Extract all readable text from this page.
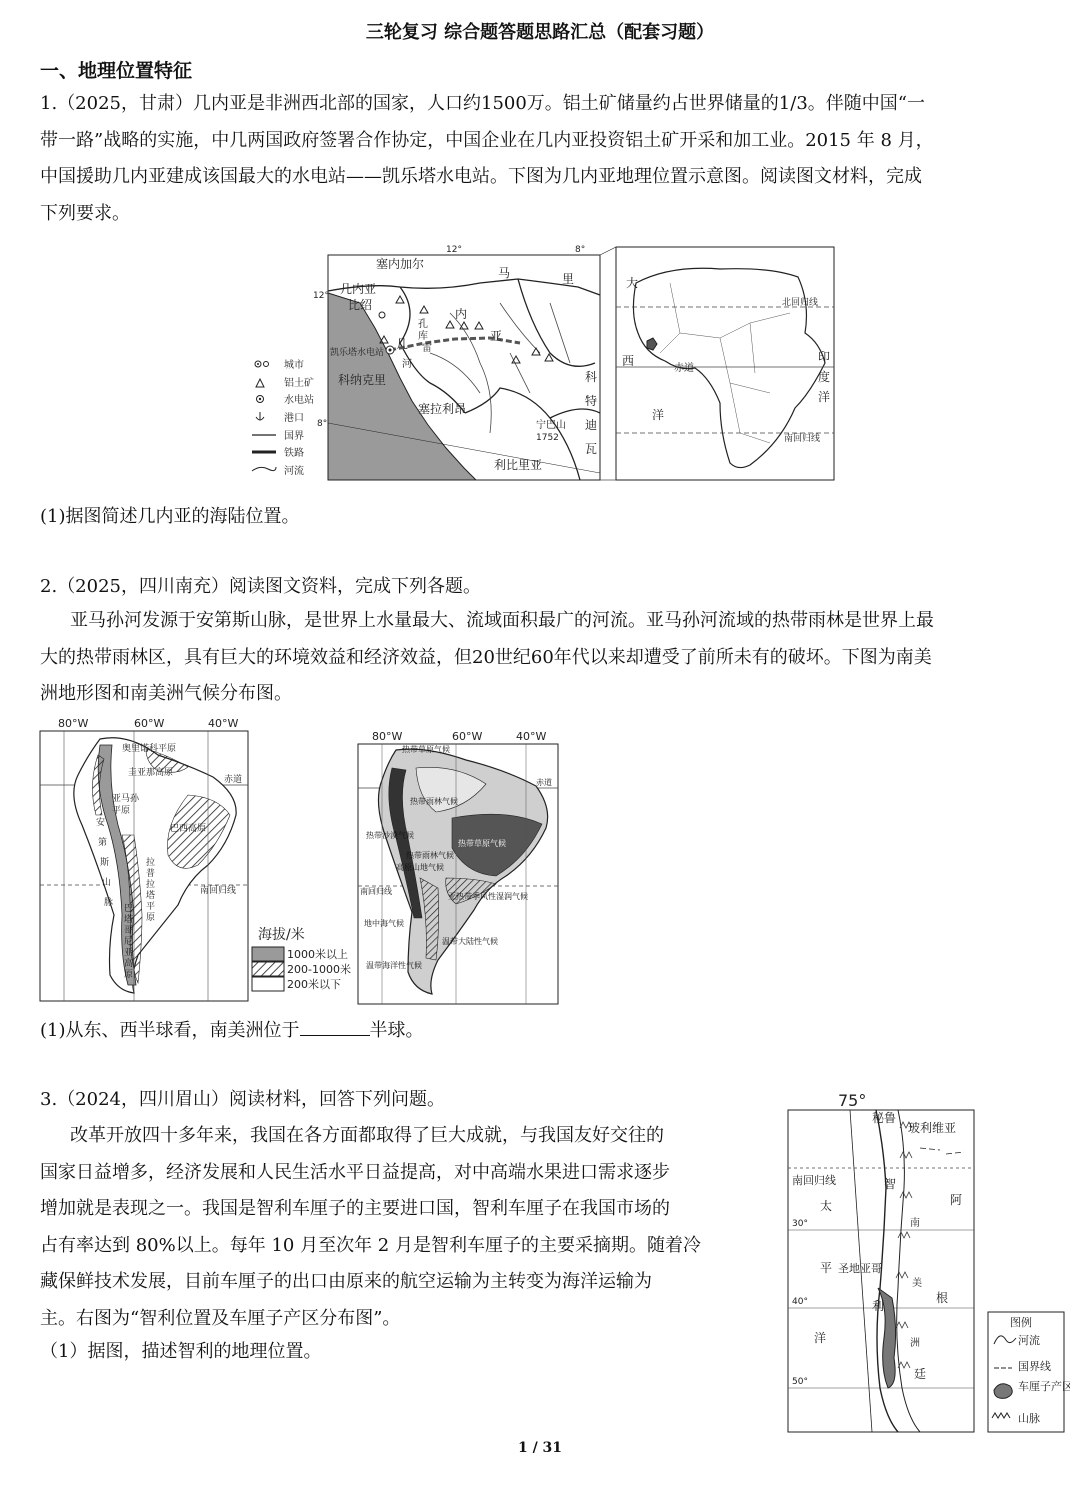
三轮复习 综合题答题思路汇总（配套习题）
一、地理位置特征
1.（2025，甘肃）几内亚是非洲西北部的国家，人口约1500万。铝土矿储量约占世界储量的1/3。伴随中国“一
带一路”战略的实施，中几两国政府签署合作协定，中国企业在几内亚投资铝土矿开采和加工业。2015 年 8 月，
中国援助几内亚建成该国最大的水电站——凯乐塔水电站。下图为几内亚地理位置示意图。阅读图文材料，完成
下列要求。
城市
铝土矿
水电站
港口
国界
铁路
河流
12°	8°
12°
8°
塞内加尔
马	里
几内亚
比绍
孔
库
内
亚
几 雷
河
凯乐塔水电站
科纳克里
塞拉利昂
宁巴山
1752
科
特
迪
瓦
利比里亚
大
北回归线
西
赤道
洋
印
度
洋
南回归线
(1)据图简述几内亚的海陆位置。
2.（2025，四川南充）阅读图文资料，完成下列各题。
亚马孙河发源于安第斯山脉，是世界上水量最大、流域面积最广的河流。亚马孙河流域的热带雨林是世界上最
大的热带雨林区，具有巨大的环境效益和经济效益，但20世纪60年代以来却遭受了前所未有的破坏。下图为南美
洲地形图和南美洲气候分布图。
80°W	60°W	40°W
奥里诺科平原
圭亚那高原
亚马孙
平原
巴西高原
安
第
斯
山
脉
拉
普
拉
塔
平
原
巴
塔
哥
尼
亚
高
原
赤道
南回归线
海拔/米
1000米以上
200-1000米
200米以下
80°W	60°W	40°W
热带草原气候
赤道
热带雨林气候
热带草原气候
热带沙漠气候
热带雨林气候
南回归线
亚热带季风性湿润气候
地中海气候
温带大陆性气候
温带海洋性气候
高原山地气候
(1)从东、西半球看，南美洲位于	半球。
3.（2024，四川眉山）阅读材料，回答下列问题。
改革开放四十多年来，我国在各方面都取得了巨大成就，与我国友好交往的
国家日益增多，经济发展和人民生活水平日益提高，对中高端水果进口需求逐步
增加就是表现之一。我国是智利车厘子的主要进口国，智利车厘子在我国市场的
占有率达到 80%以上。每年 10 月至次年 2 月是智利车厘子的主要采摘期。随着冷
藏保鲜技术发展，目前车厘子的出口由原来的航空运输为主转变为海洋运输为
主。右图为“智利位置及车厘子产区分布图”。
（1）据图，描述智利的地理位置。
75°
秘鲁
玻利维亚
南回归线	智
太	阿
南
平 圣地亚哥
美
根
利
洋	洲
廷
30°
40°
50°
图例
河流
国界线
车厘子产区
山脉
1 / 31
